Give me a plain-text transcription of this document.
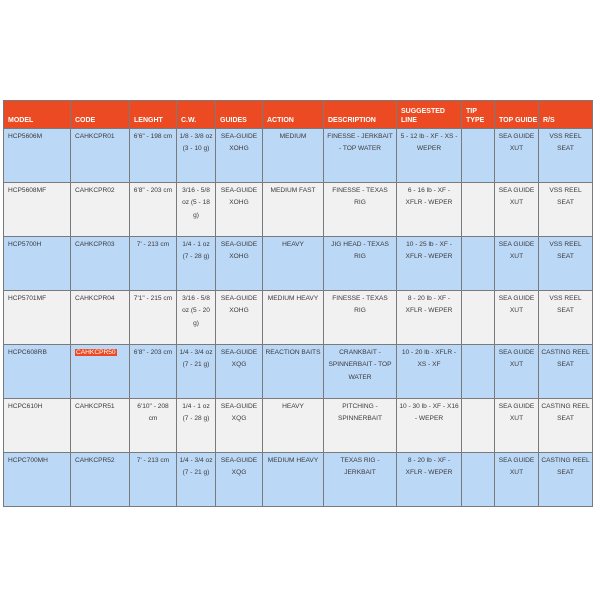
MODEL	CODE	LENGHT	C.W.	GUIDES	ACTION	DESCRIPTION	SUGGESTED LINE	TIP TYPE	TOP GUIDE	R/S
HCP5606M	CAHKCPR01	6'6" - 198 cm	1/8 - 3/8 oz (3 - 10 g)	SEA-GUIDE XOHG	MEDIUM	FINESSE - JERKBAIT - TOP WATER	5 - 12 lb - XF - XS - WEPER		SEA GUIDE XUT	VSS REEL SEAT
HCP5608MF	CAHKCPR02	6'8" - 203 cm	3/16 - 5/8 oz (5 - 18 g)	SEA-GUIDE XOHG	MEDIUM FAST	FINESSE - TEXAS RIG	6 - 16 lb - XF - XFLR - WEPER		SEA GUIDE XUT	VSS REEL SEAT
HCP5700H	CAHKCPR03	7' - 213 cm	1/4 - 1 oz (7 - 28 g)	SEA-GUIDE XOHG	HEAVY	JIG HEAD - TEXAS RIG	10 - 25 lb - XF - XFLR - WEPER		SEA GUIDE XUT	VSS REEL SEAT
HCP5701MF	CAHKCPR04	7'1" - 215 cm	3/16 - 5/8 oz (5 - 20 g)	SEA-GUIDE XOHG	MEDIUM HEAVY	FINESSE - TEXAS RIG	8 - 20 lb - XF - XFLR - WEPER		SEA GUIDE XUT	VSS REEL SEAT
HCPC608RB	CAHKCPR50	6'8" - 203 cm	1/4 - 3/4 oz (7 - 21 g)	SEA-GUIDE XQG	REACTION BAITS	CRANKBAIT - SPINNERBAIT - TOP WATER	10 - 20 lb - XFLR - XS - XF		SEA GUIDE XUT	CASTING REEL SEAT
HCPC610H	CAHKCPR51	6'10" - 208 cm	1/4 - 1 oz (7 - 28 g)	SEA-GUIDE XQG	HEAVY	PITCHING - SPINNERBAIT	10 - 30 lb - XF - X16 - WEPER		SEA GUIDE XUT	CASTING REEL SEAT
HCPC700MH	CAHKCPR52	7' - 213 cm	1/4 - 3/4 oz (7 - 21 g)	SEA-GUIDE XQG	MEDIUM HEAVY	TEXAS RIG - JERKBAIT	8 - 20 lb - XF - XFLR - WEPER		SEA GUIDE XUT	CASTING REEL SEAT
